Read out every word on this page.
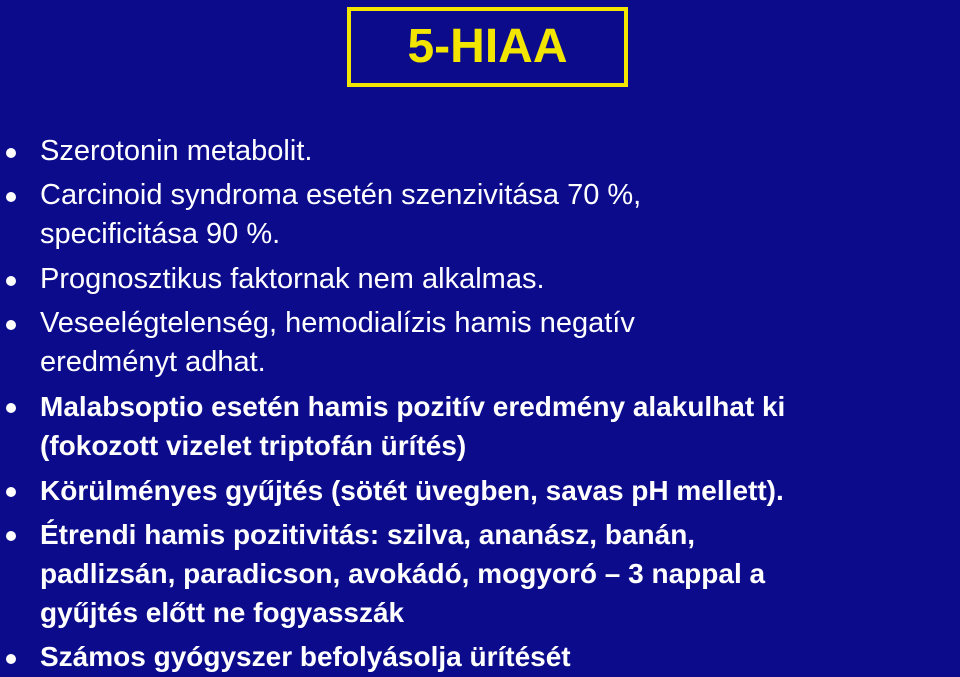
5-HIAA
Szerotonin metabolit.
Carcinoid syndroma esetén szenzivitása 70 %,
specificitása 90 %.
Prognosztikus faktornak nem alkalmas.
Veseelégtelenség, hemodialízis hamis negatív
eredményt adhat.
Malabsoptio esetén hamis pozitív eredmény alakulhat ki
(fokozott vizelet triptofán ürítés)
Körülményes gyűjtés (sötét üvegben, savas pH mellett).
Étrendi hamis pozitivitás: szilva, ananász, banán,
padlizsán, paradicson, avokádó, mogyoró – 3 nappal a
gyűjtés előtt ne fogyasszák
Számos gyógyszer befolyásolja ürítését
